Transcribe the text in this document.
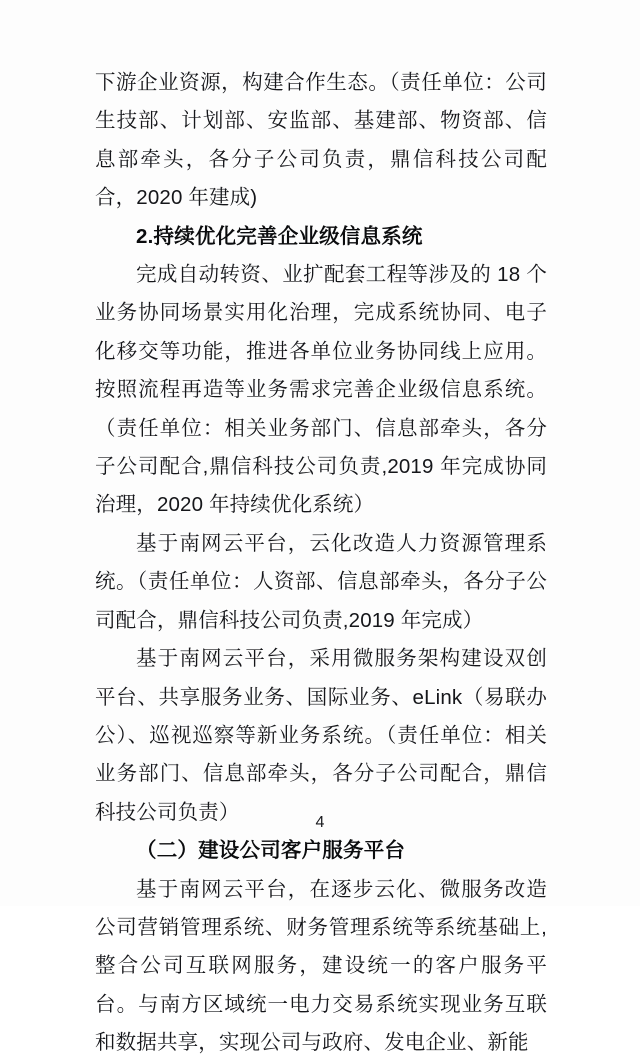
下游企业资源，构建合作生态。（责任单位：公司生技部、计划部、安监部、基建部、物资部、信息部牵头，各分子公司负责，鼎信科技公司配合，2020 年建成)

2.持续优化完善企业级信息系统

完成自动转资、业扩配套工程等涉及的 18 个业务协同场景实用化治理，完成系统协同、电子化移交等功能，推进各单位业务协同线上应用。按照流程再造等业务需求完善企业级信息系统。（责任单位：相关业务部门、信息部牵头，各分子公司配合,鼎信科技公司负责,2019 年完成协同治理，2020 年持续优化系统）

基于南网云平台，云化改造人力资源管理系统。（责任单位：人资部、信息部牵头，各分子公司配合，鼎信科技公司负责,2019 年完成）

基于南网云平台，采用微服务架构建设双创平台、共享服务业务、国际业务、eLink（易联办公）、巡视巡察等新业务系统。（责任单位：相关业务部门、信息部牵头，各分子公司配合，鼎信科技公司负责）

（二）建设公司客户服务平台

基于南网云平台，在逐步云化、微服务改造公司营销管理系统、财务管理系统等系统基础上,整合公司互联网服务，建设统一的客户服务平台。与南方区域统一电力交易系统实现业务互联和数据共享，实现公司与政府、发电企业、新能

4
